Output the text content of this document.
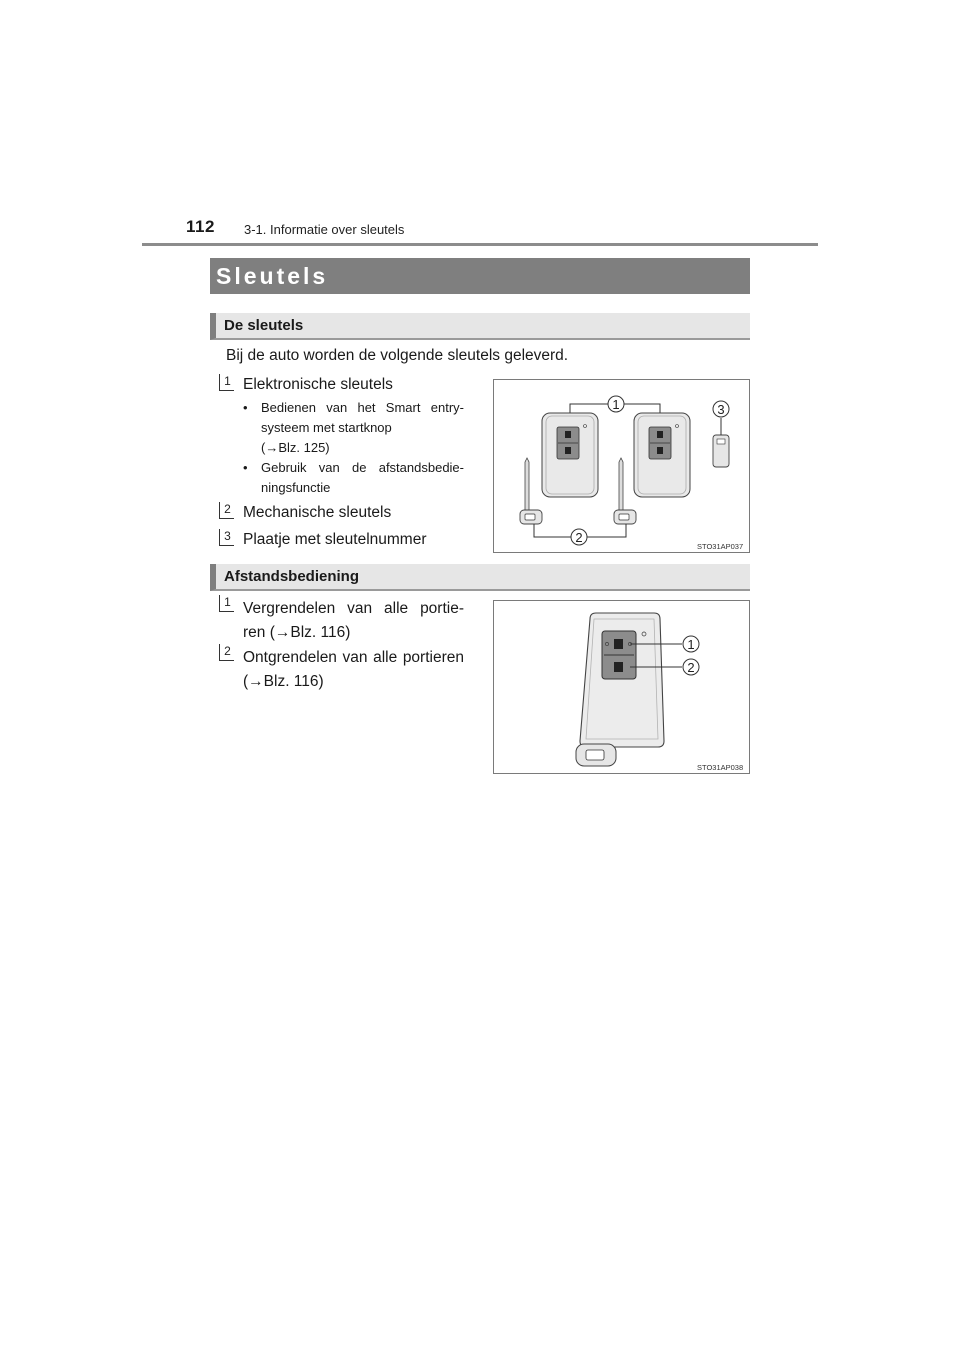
112 3-1. Informatie over sleutels
Sleutels
De sleutels
Bij de auto worden de volgende sleutels geleverd.
1 Elektronische sleutels
• Bedienen van het Smart entry-
systeem met startknop
(→Blz. 125)
• Gebruik van de afstandsbedie-
ningsfunctie
2 Mechanische sleutels
3 Plaatje met sleutelnummer
1
2
3
STO31AP037
Afstandsbediening
1 Vergrendelen van alle portie-
ren (→Blz. 116)
2 Ontgrendelen van alle portieren
(→Blz. 116)
1
2
STO31AP038
